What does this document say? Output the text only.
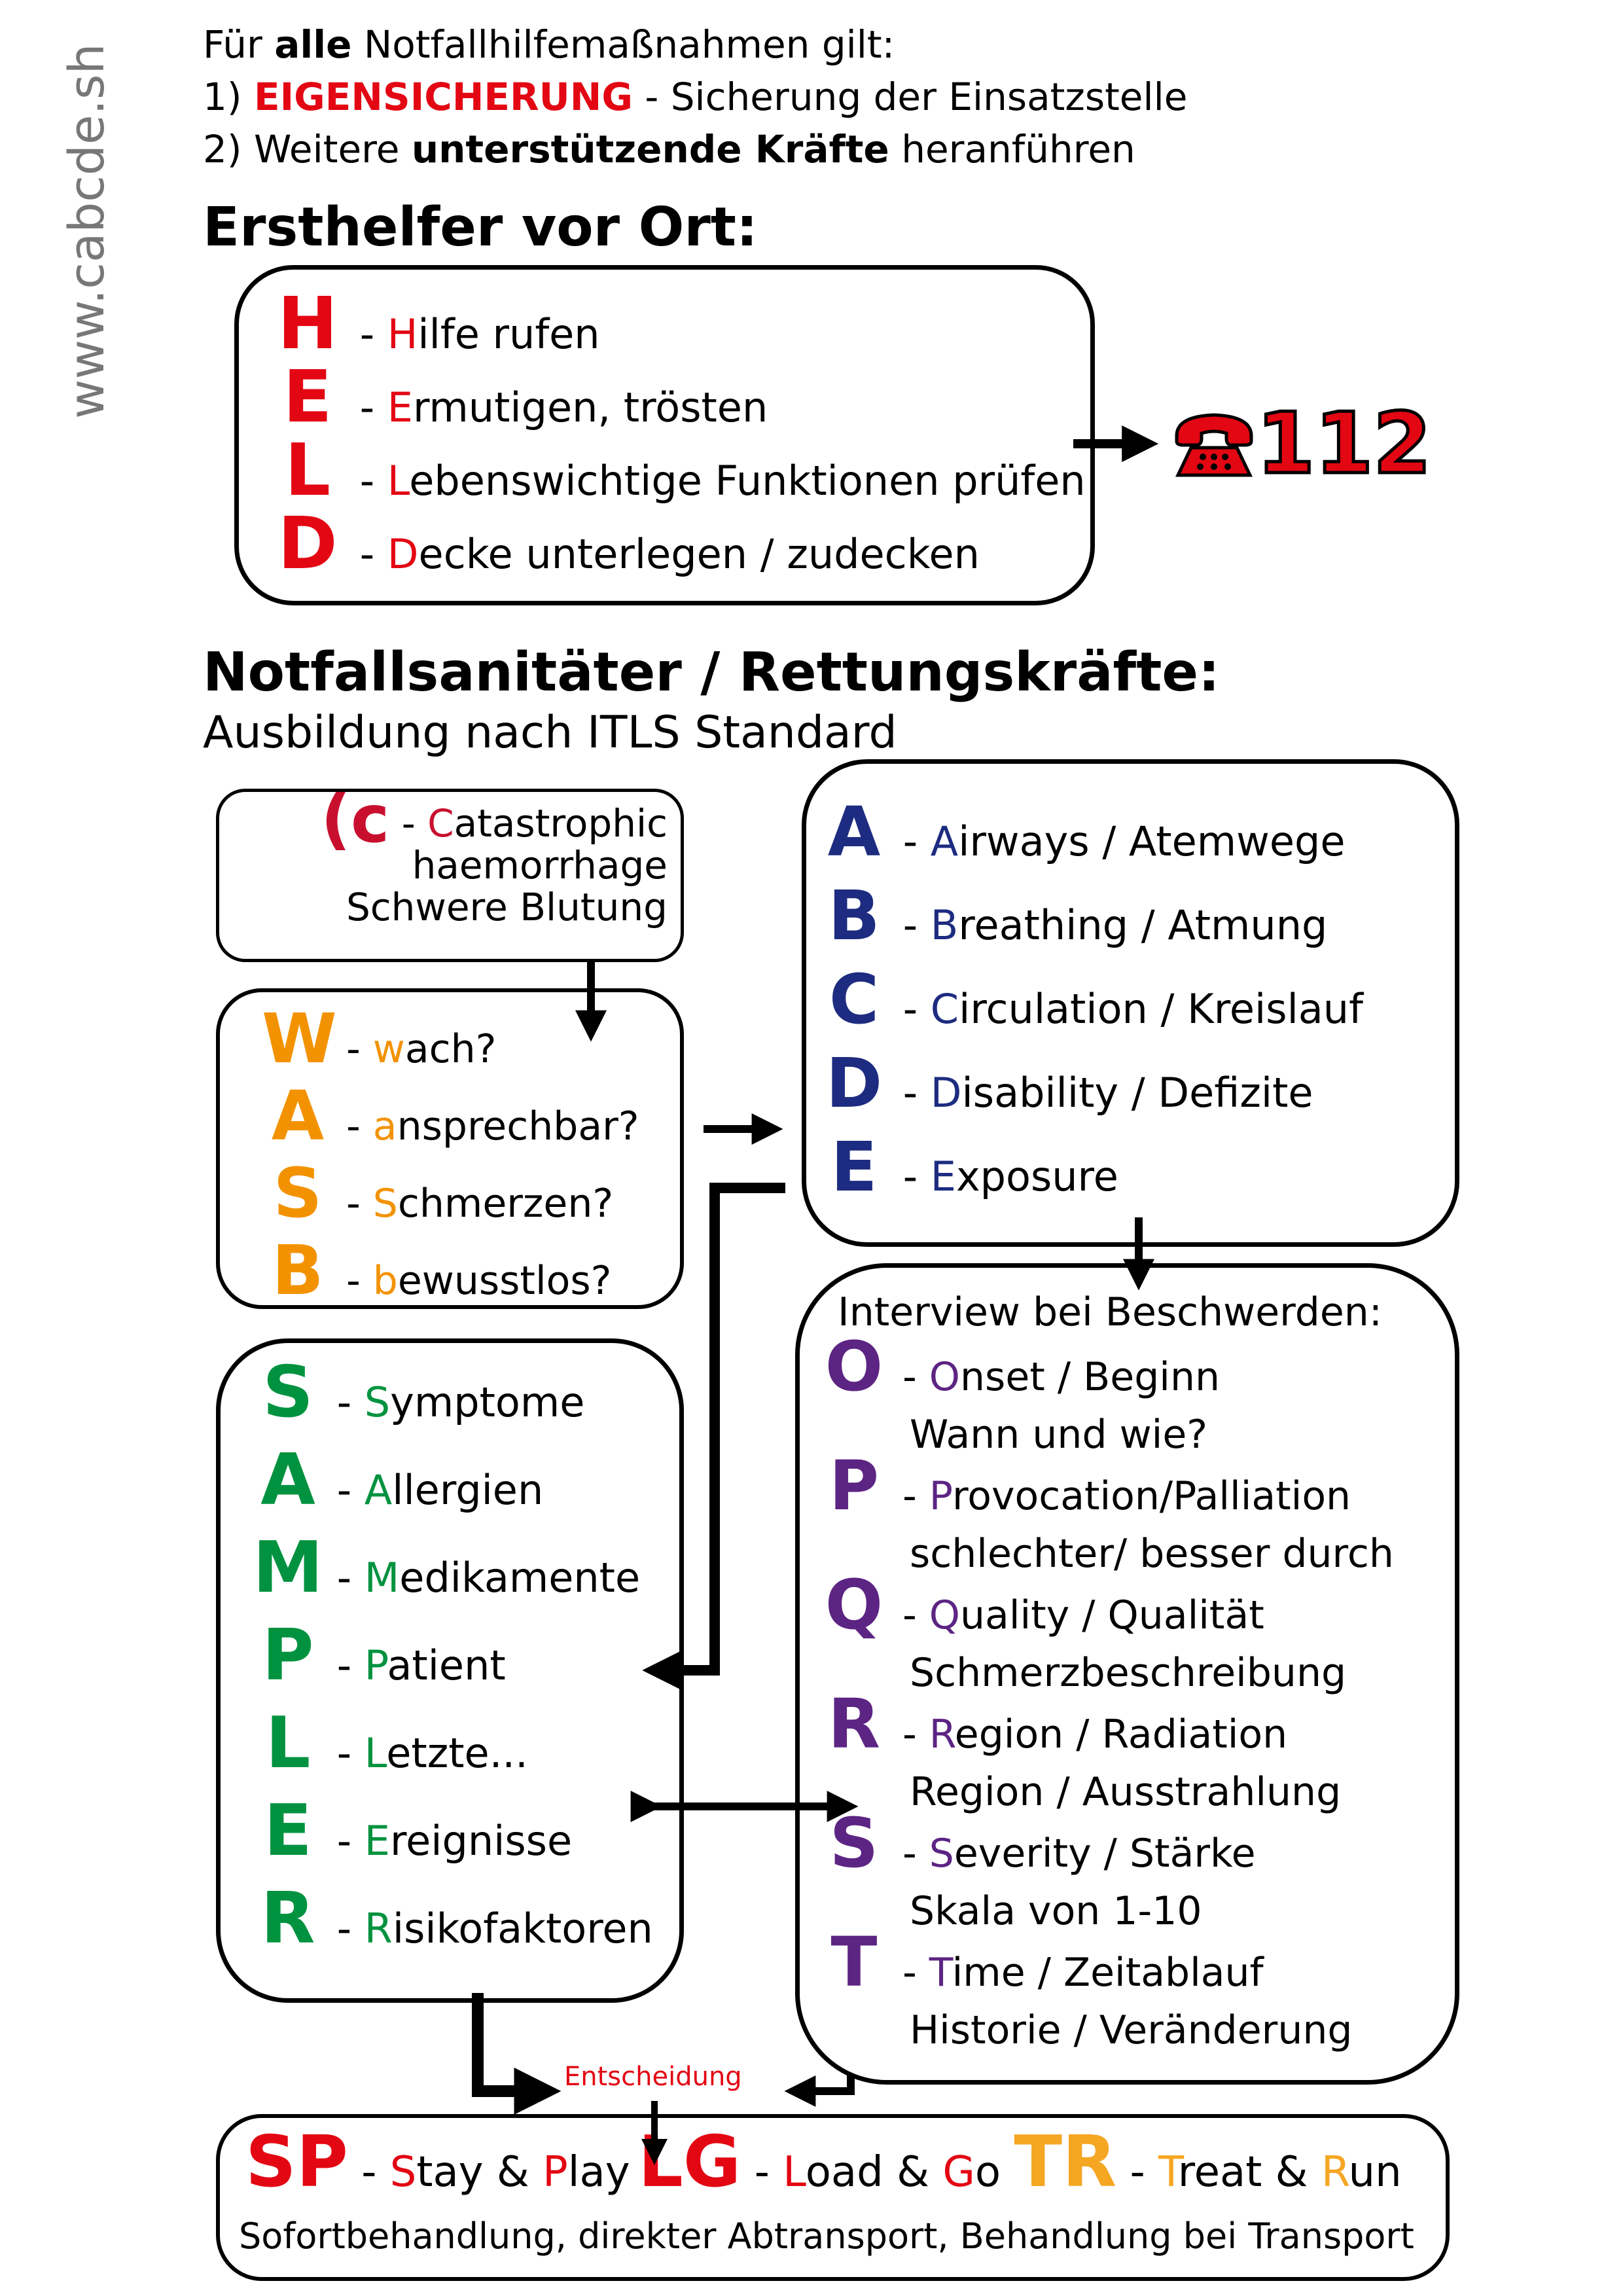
www.cabcde.sh Für alle Notfallhilfemaßnahmen gilt:
1) EIGENSICHERUNG - Sicherung der Einsatzstelle
2) Weitere unterstützende Kräfte heranführen
Ersthelfer vor Ort:
112
Notfallsanitäter / Rettungskräfte:
Ausbildung nach ITLS Standard
(c - Catastrophic
haemorrhage
Schwere Blutung
Interview bei Beschwerden:
Entscheidung
SP - Stay & Play LG - Load & Go TR - Treat & Run
Sofortbehandlung, direkter Abtransport, Behandlung bei Transport
H - Hilfe rufen
E - Ermutigen, trösten
L - Lebenswichtige Funktionen prüfen
D - Decke unterlegen / zudecken
W - wach?
A - ansprechbar?
S - Schmerzen?
B - bewusstlos?
A - Airways / Atemwege
B - Breathing / Atmung
C - Circulation / Kreislauf
D - Disability / Defizite
E - Exposure
S - Symptome
A - Allergien
M - Medikamente
P - Patient
L - Letzte...
E - Ereignisse
R - Risikofaktoren
O - Onset / Beginn
Wann und wie?
P - Provocation/Palliation
schlechter/ besser durch
Q - Quality / Qualität
Schmerzbeschreibung
R - Region / Radiation
Region / Ausstrahlung
S - Severity / Stärke
Skala von 1-10
T - Time / Zeitablauf
Historie / Veränderung
